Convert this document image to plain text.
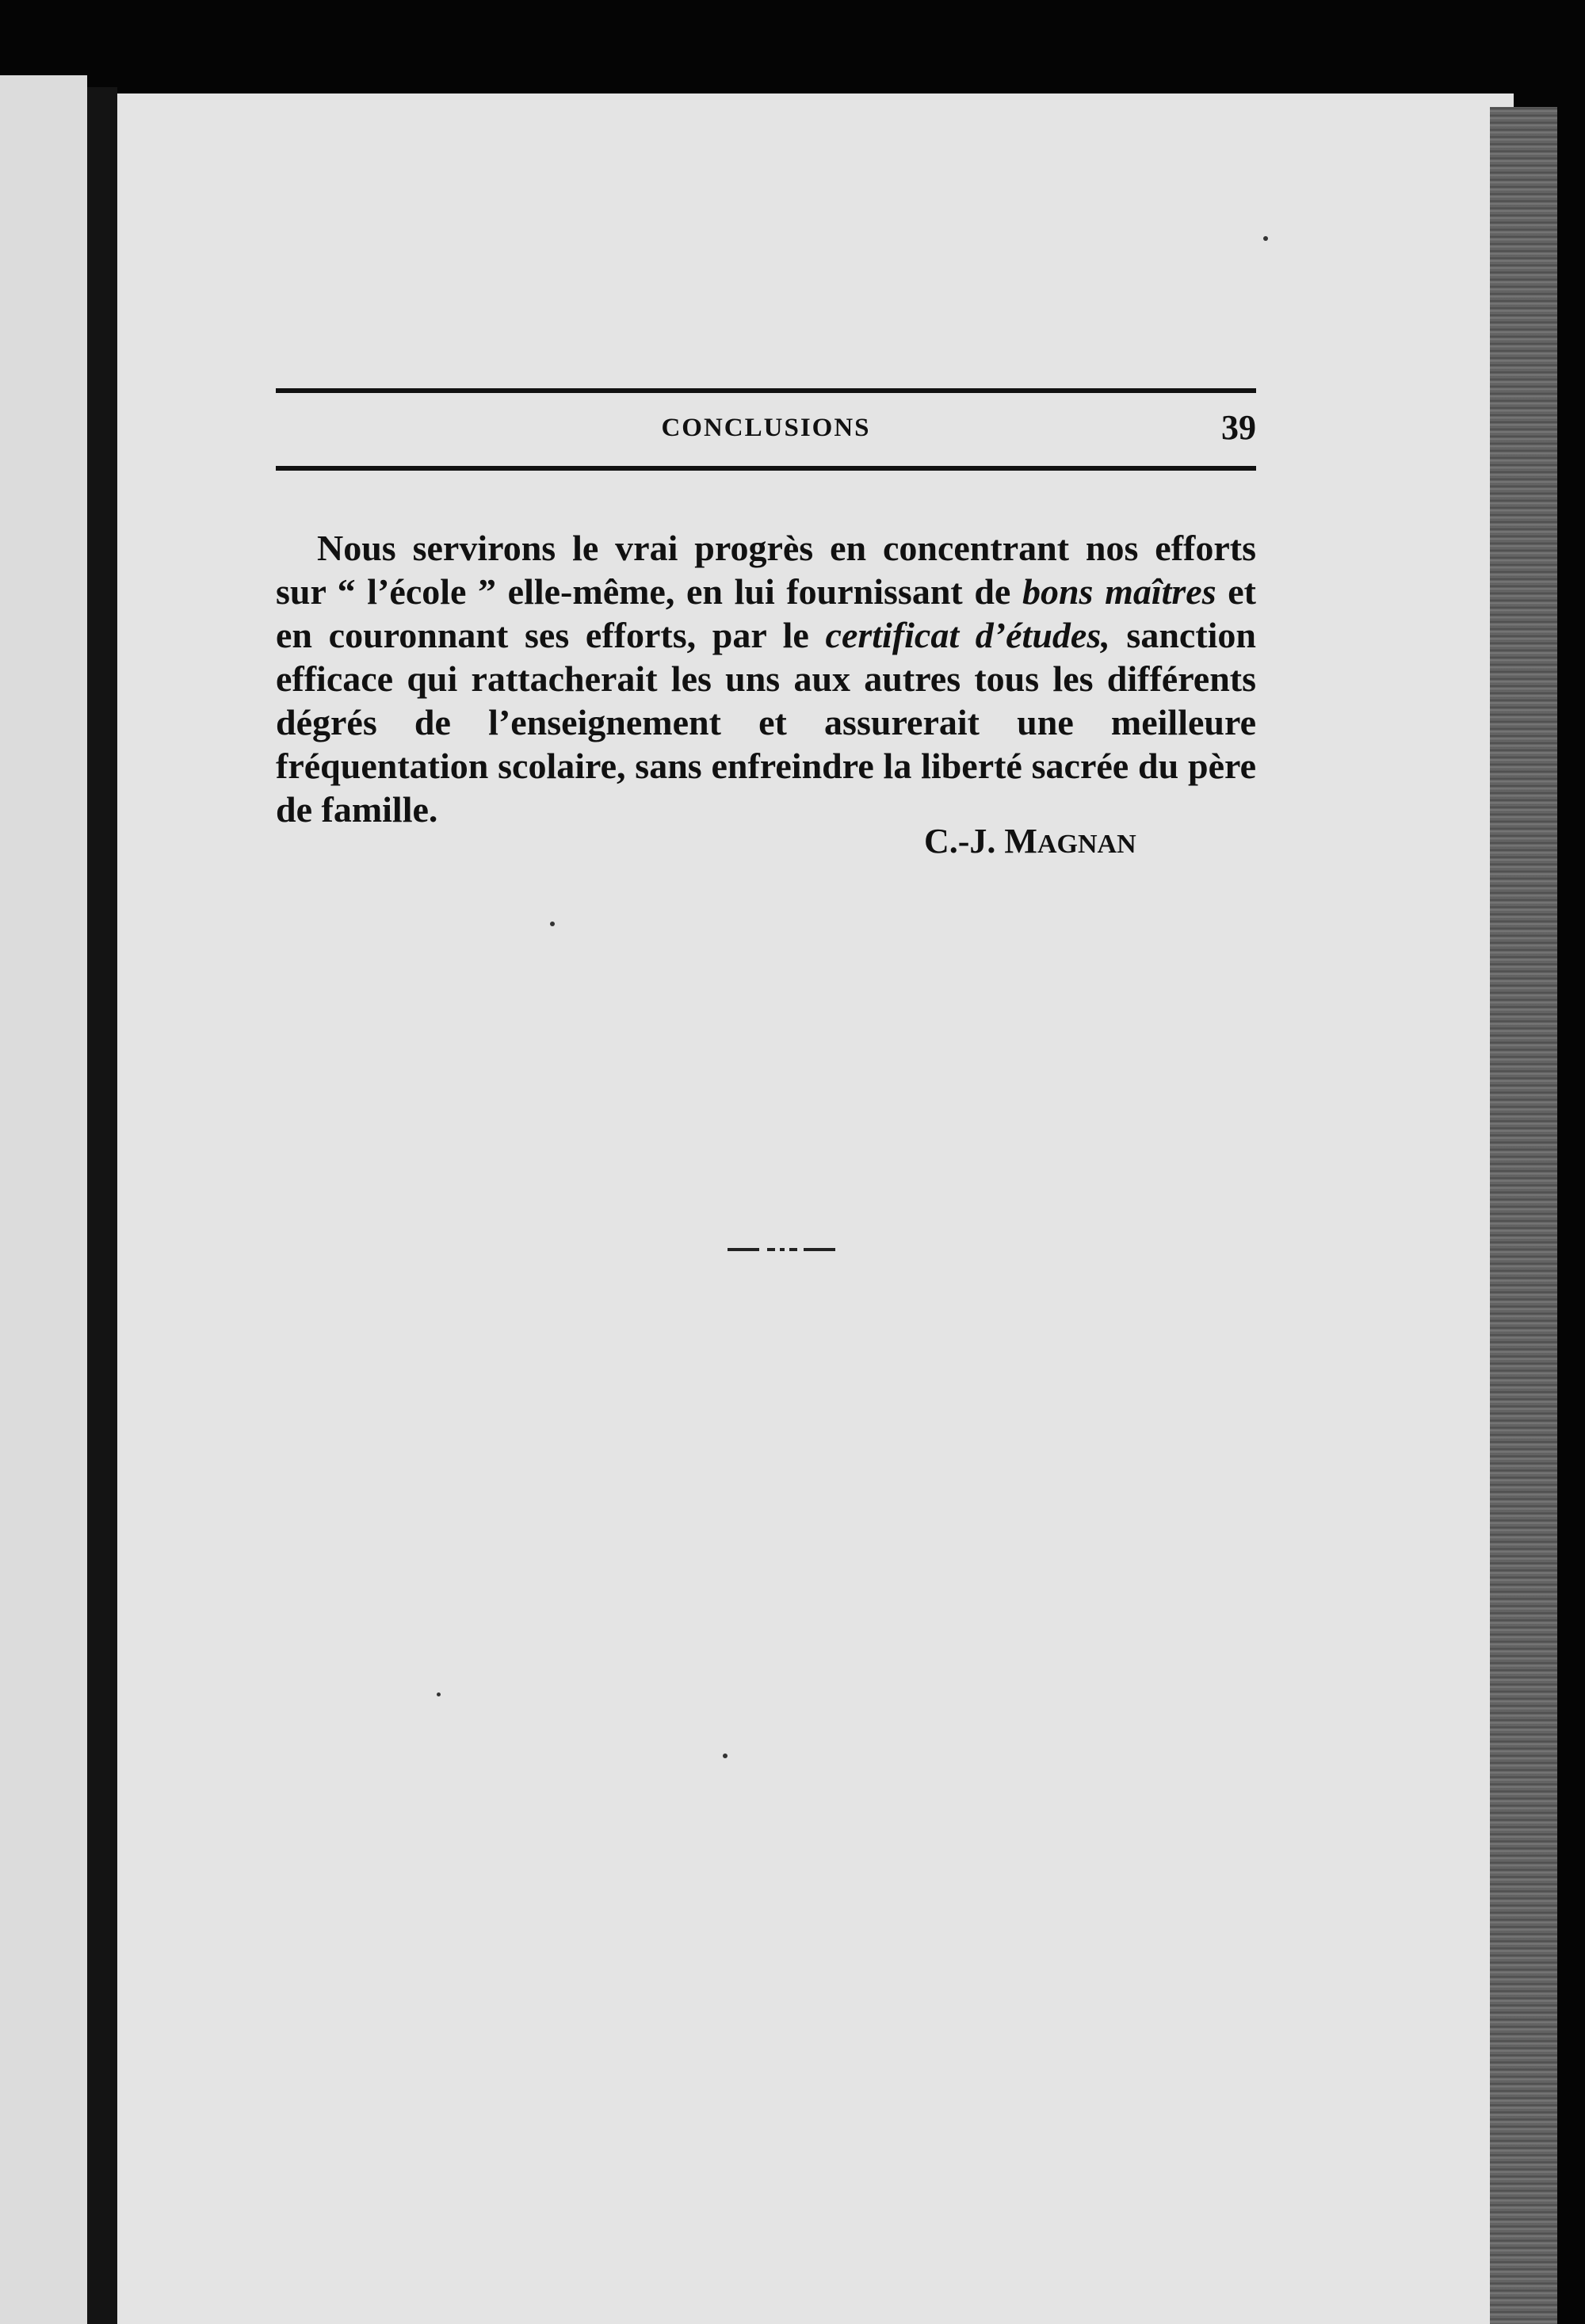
CONCLUSIONS	39

Nous servirons le vrai progrès en concentrant nos efforts sur “ l’école ” elle-même, en lui fournissant de bons maîtres et en couronnant ses efforts, par le certificat d’études, sanction efficace qui rattacherait les uns aux autres tous les différents dégrés de l’enseignement et assurerait une meilleure fréquentation scolaire, sans enfreindre la liberté sacrée du père de famille.

C.-J. MAGNAN
